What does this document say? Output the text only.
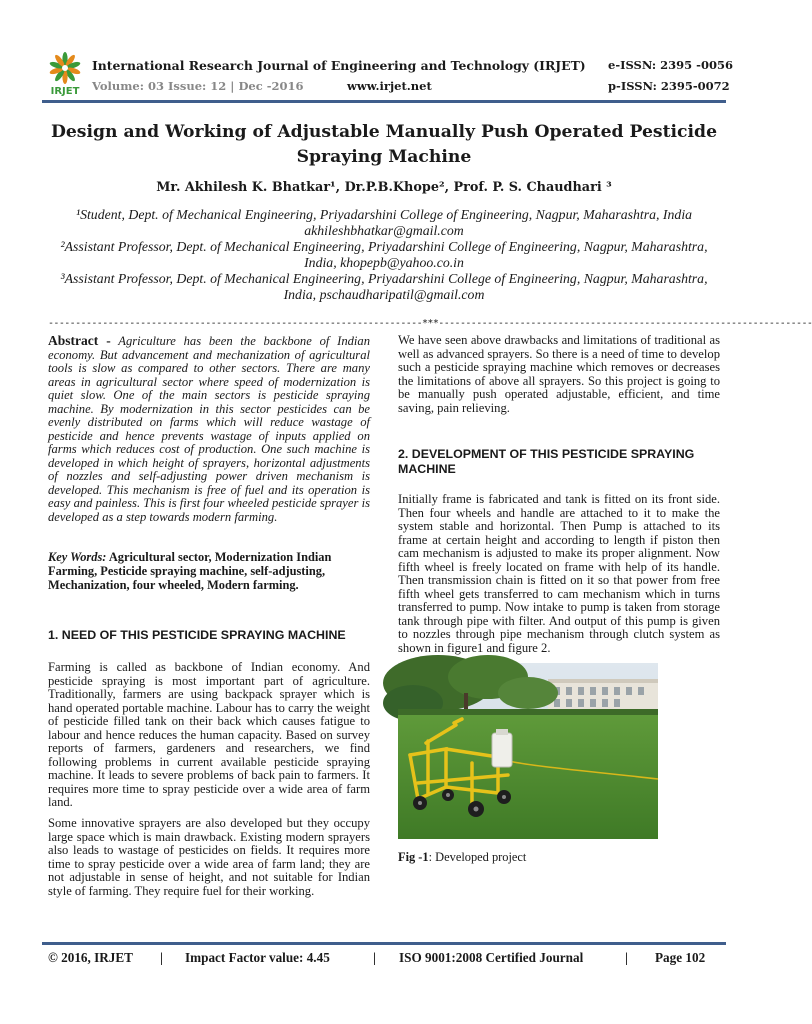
IRJET
International Research Journal of Engineering and Technology (IRJET) e-ISSN: 2395 -0056
Volume: 03 Issue: 12 | Dec -2016	www.irjet.net	p-ISSN: 2395-0072
Design and Working of Adjustable Manually Push Operated Pesticide
Spraying Machine
Mr. Akhilesh K. Bhatkar¹, Dr.P.B.Khope², Prof. P. S. Chaudhari ³
¹Student, Dept. of Mechanical Engineering, Priyadarshini College of Engineering, Nagpur, Maharashtra, India
akhileshbhatkar@gmail.com
²Assistant Professor, Dept. of Mechanical Engineering, Priyadarshini College of Engineering, Nagpur, Maharashtra,
India, khopepb@yahoo.co.in
³Assistant Professor, Dept. of Mechanical Engineering, Priyadarshini College of Engineering, Nagpur, Maharashtra,
India, pschaudharipatil@gmail.com
---------------------------------------------------------------------***---------------------------------------------------------------------
Abstract - Agriculture has been the backbone of Indian economy. But advancement and mechanization of agricultural tools is slow as compared to other sectors. There are many areas in agricultural sector where speed of modernization is quiet slow. One of the main sectors is pesticide spraying machine. By modernization in this sector pesticides can be evenly distributed on farms which will reduce wastage of pesticide and hence prevents wastage of inputs applied on farms which reduces cost of production. One such machine is developed in which height of sprayers, horizontal adjustments of nozzles and self-adjusting power driven mechanism is developed. This mechanism is free of fuel and its operation is easy and painless. This is first four wheeled pesticide sprayer is developed as a step towards modern farming.
Key Words: Agricultural sector, Modernization Indian Farming, Pesticide spraying machine, self-adjusting, Mechanization, four wheeled, Modern farming.
1. NEED OF THIS PESTICIDE SPRAYING MACHINE
Farming is called as backbone of Indian economy. And pesticide spraying is most important part of agriculture. Traditionally, farmers are using backpack sprayer which is hand operated portable machine. Labour has to carry the weight of pesticide filled tank on their back which causes fatigue to labour and hence reduces the human capacity. Based on survey reports of farmers, gardeners and researchers, we find following problems in current available pesticide spraying machine. It leads to severe problems of back pain to farmers. It requires more time to spray pesticide over a wide area of farm land.
Some innovative sprayers are also developed but they occupy large space which is main drawback. Existing modern sprayers also leads to wastage of pesticides on fields. It requires more time to spray pesticide over a wide area of farm land; they are not adjustable in sense of height, and not suitable for Indian style of farming. They require fuel for their working.
We have seen above drawbacks and limitations of traditional as well as advanced sprayers. So there is a need of time to develop such a pesticide spraying machine which removes or decreases the limitations of above all sprayers. So this project is going to be manually push operated adjustable, efficient, and time saving, pain relieving.
2. DEVELOPMENT OF THIS PESTICIDE SPRAYING MACHINE
Initially frame is fabricated and tank is fitted on its front side. Then four wheels and handle are attached to it to make the system stable and horizontal. Then Pump is attached to its frame at certain height and according to length if piston then cam mechanism is adjusted to make its proper alignment. Now fifth wheel is freely located on frame with help of its handle. Then transmission chain is fitted on it so that power from free fifth wheel gets transferred to cam mechanism which in turns transferred to pump. Now intake to pump is taken from storage tank through pipe with filter. And output of this pump is given to nozzles through pipe mechanism through clutch system as shown in figure1 and figure 2.
Fig -1: Developed project
© 2016, IRJET | Impact Factor value: 4.45	| ISO 9001:2008 Certified Journal	| Page 102
